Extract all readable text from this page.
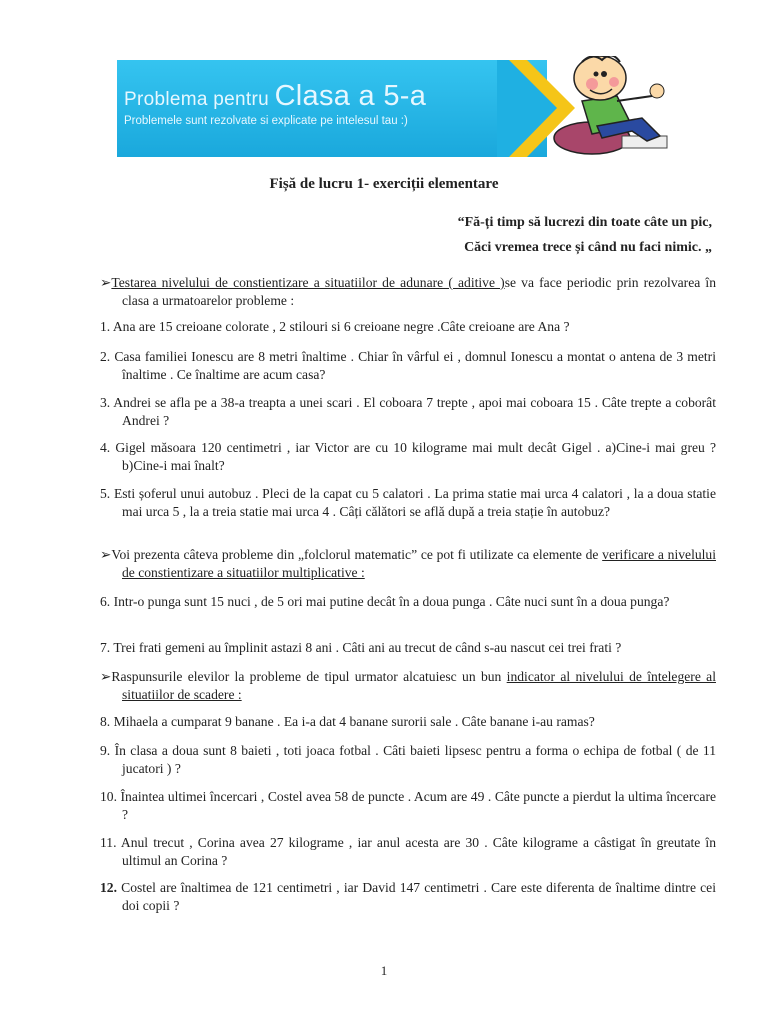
Problema pentru Clasa a 5-a
Problemele sunt rezolvate si explicate pe intelesul tau :)
Fișă de lucru 1- exerciții elementare
“Fă-ți timp să lucrezi din toate câte un pic,
Căci vremea trece și când nu faci nimic. „
➢Testarea nivelului de constientizare a situatiilor de adunare ( aditive )se va face periodic prin rezolvarea în clasa a urmatoarelor probleme :
1. Ana are 15 creioane colorate , 2 stilouri si 6 creioane negre .Câte creioane are Ana ?
2. Casa familiei Ionescu are 8 metri înaltime . Chiar în vârful ei , domnul Ionescu a montat o antena de 3 metri înaltime . Ce înaltime are acum casa?
3. Andrei se afla pe a 38-a treapta a unei scari . El coboara 7 trepte , apoi mai coboara 15 . Câte trepte a coborât Andrei ?
4. Gigel măsoara 120 centimetri , iar Victor are cu 10 kilograme mai mult decât Gigel . a)Cine-i mai greu ?b)Cine-i mai înalt?
5. Esti șoferul unui autobuz . Pleci de la capat cu 5 calatori . La prima statie mai urca 4 calatori , la a doua statie mai urca 5 , la a treia statie mai urca 4 . Câți călători se află după a treia stație în autobuz?
➢Voi prezenta câteva probleme din „folclorul matematic” ce pot fi utilizate ca elemente de verificare a nivelului de constientizare a situatiilor multiplicative :
6. Intr-o punga sunt 15 nuci , de 5 ori mai putine decât în a doua punga . Câte nuci sunt în a doua punga?
7. Trei frati gemeni au împlinit astazi 8 ani . Câti ani au trecut de când s-au nascut cei trei frati ?
➢Raspunsurile elevilor la probleme de tipul urmator alcatuiesc un bun indicator al nivelului de întelegere al situatiilor de scadere :
8. Mihaela a cumparat 9 banane . Ea i-a dat 4 banane surorii sale . Câte banane i-au ramas?
9. În clasa a doua sunt 8 baieti , toti joaca fotbal . Câti baieti lipsesc pentru a forma o echipa de fotbal ( de 11 jucatori ) ?
10. Înaintea ultimei încercari , Costel avea 58 de puncte . Acum are 49 . Câte puncte a pierdut la ultima încercare ?
11. Anul trecut , Corina avea 27 kilograme , iar anul acesta are 30 . Câte kilograme a câstigat în greutate în ultimul an Corina ?
12. Costel are înaltimea de 121 centimetri , iar David 147 centimetri . Care este diferenta de înaltime dintre cei doi copii ?
1
